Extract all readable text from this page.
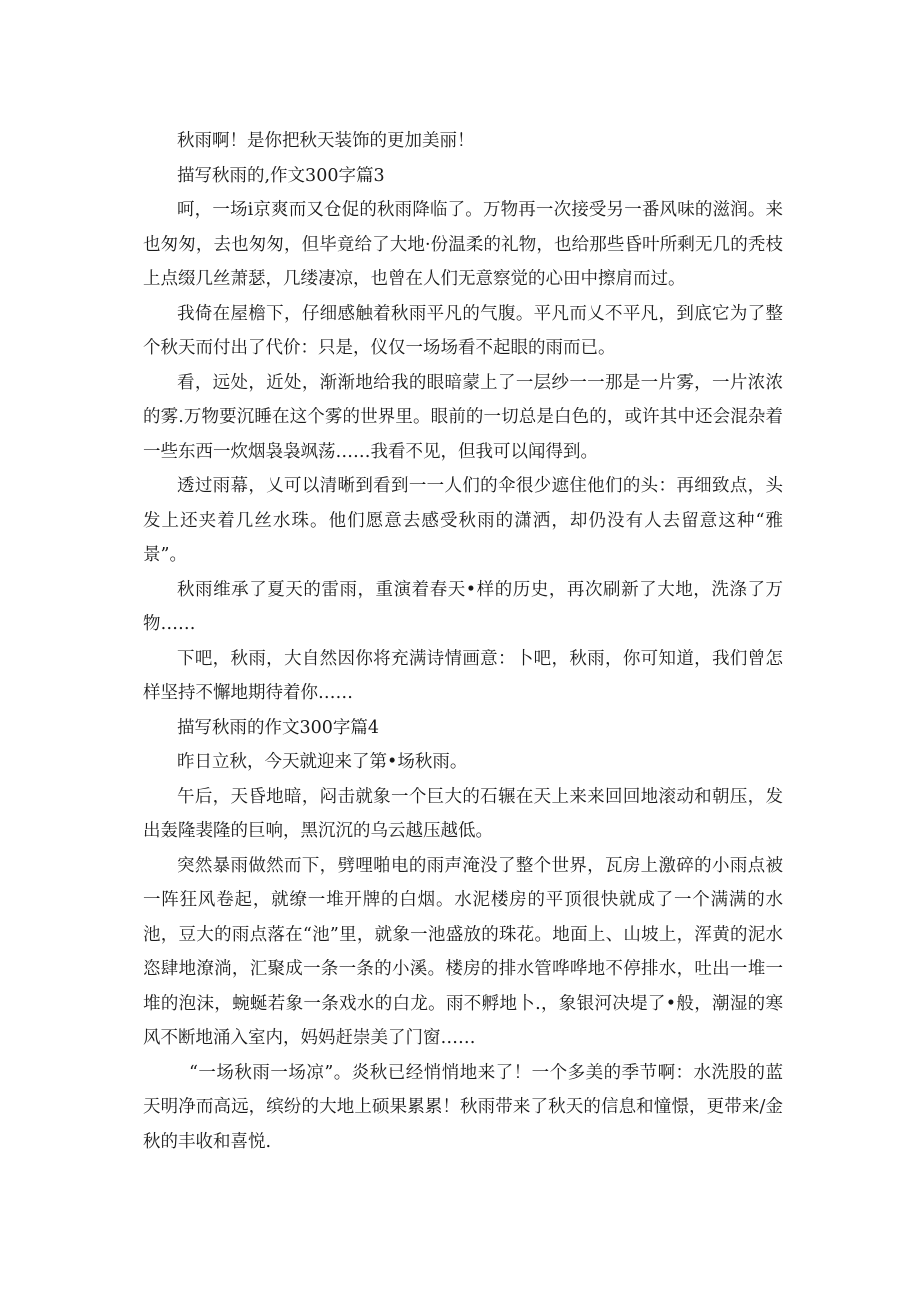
秋雨啊！是你把秋天装饰的更加美丽！

描写秋雨的,作文300字篇3

呵，一场i京爽而又仓促的秋雨降临了。万物再一次接受另一番风味的滋润。来也匆匆，去也匆匆，但毕竟给了大地·份温柔的礼物，也给那些昏叶所剩无几的秃枝上点缀几丝萧瑟，几缕凄凉，也曾在人们无意察觉的心田中擦肩而过。

我倚在屋檐下，仔细感触着秋雨平凡的气腹。平凡而乂不平凡，到底它为了整个秋天而付出了代价：只是，仪仅一场场看不起眼的雨而已。

看，远处，近处，渐渐地给我的眼暗蒙上了一层纱一一那是一片雾，一片浓浓的雾.万物要沉睡在这个雾的世界里。眼前的一切总是白色的，或许其中还会混杂着一些东西一炊烟袅袅飒荡……我看不见，但我可以闻得到。

透过雨幕，乂可以清晰到看到一一人们的伞很少遮住他们的头：再细致点，头发上还夹着几丝水珠。他们愿意去感受秋雨的潇洒，却仍没有人去留意这种“雅景”。

秋雨维承了夏天的雷雨，重演着春天•样的历史，再次刷新了大地，洗涤了万物……

下吧，秋雨，大自然因你将充满诗情画意：卜吧，秋雨，你可知道，我们曾怎样坚持不懈地期待着你……

描写秋雨的作文300字篇4

昨日立秋，今天就迎来了第•场秋雨。

午后，天昏地暗，闷击就象一个巨大的石辗在天上来来回回地滚动和朝压，发出轰隆裴隆的巨响，黑沉沉的乌云越压越低。

突然暴雨做然而下，劈哩啪电的雨声淹没了整个世界，瓦房上激碎的小雨点被一阵狂风卷起，就缭一堆开牌的白烟。水泥楼房的平顶很快就成了一个满满的水池，豆大的雨点落在“池”里，就象一池盛放的珠花。地面上、山坡上，浑黄的泥水恣肆地潦淌，汇聚成一条一条的小溪。楼房的排水管哗哗地不停排水，吐出一堆一堆的泡沫，蜿蜒若象一条戏水的白龙。雨不孵地卜.，象银河决堤了•般，潮湿的寒风不断地涌入室内，妈妈赶崇美了门窗……

“一场秋雨一场凉”。炎秋已经悄悄地来了！一个多美的季节啊：水洗股的蓝天明净而高远，缤纷的大地上硕果累累！秋雨带来了秋天的信息和憧憬，更带来/金秋的丰收和喜悦.
